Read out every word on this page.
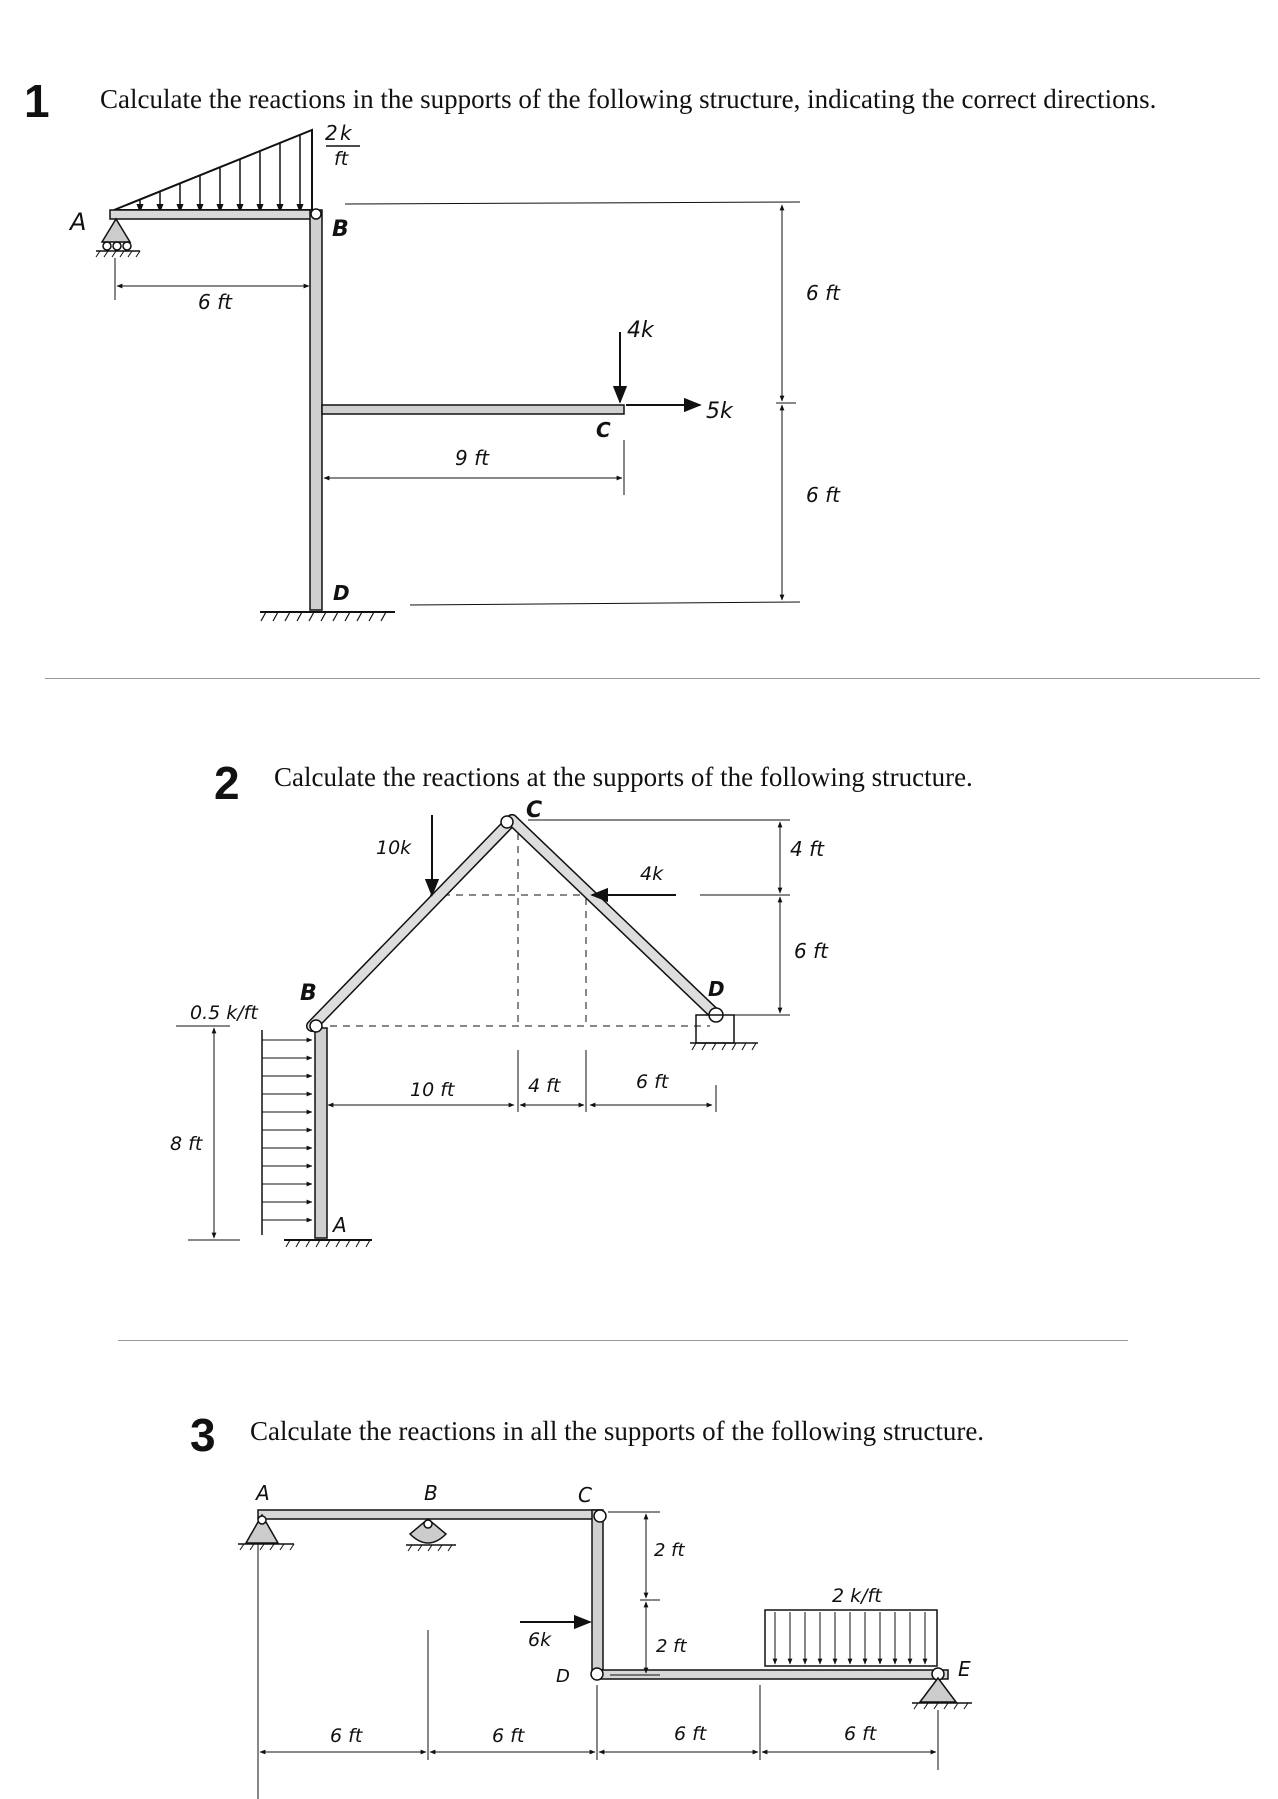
1 Calculate the reactions in the supports of the following structure, indicating the correct directions.
2 k
ft
A	B
C
D
4k
5k
6 ft
9 ft
6 ft
6 ft
2 Calculate the reactions at the supports of the following structure.
C
B	D
A
10k
4k
0.5 k/ft
8 ft
10 ft	4 ft	6 ft
4 ft
6 ft
3 Calculate the reactions in all the supports of the following structure.
A	B	C
D	E
6k
2 k/ft
2 ft
2 ft
6 ft	6 ft	6 ft	6 ft
